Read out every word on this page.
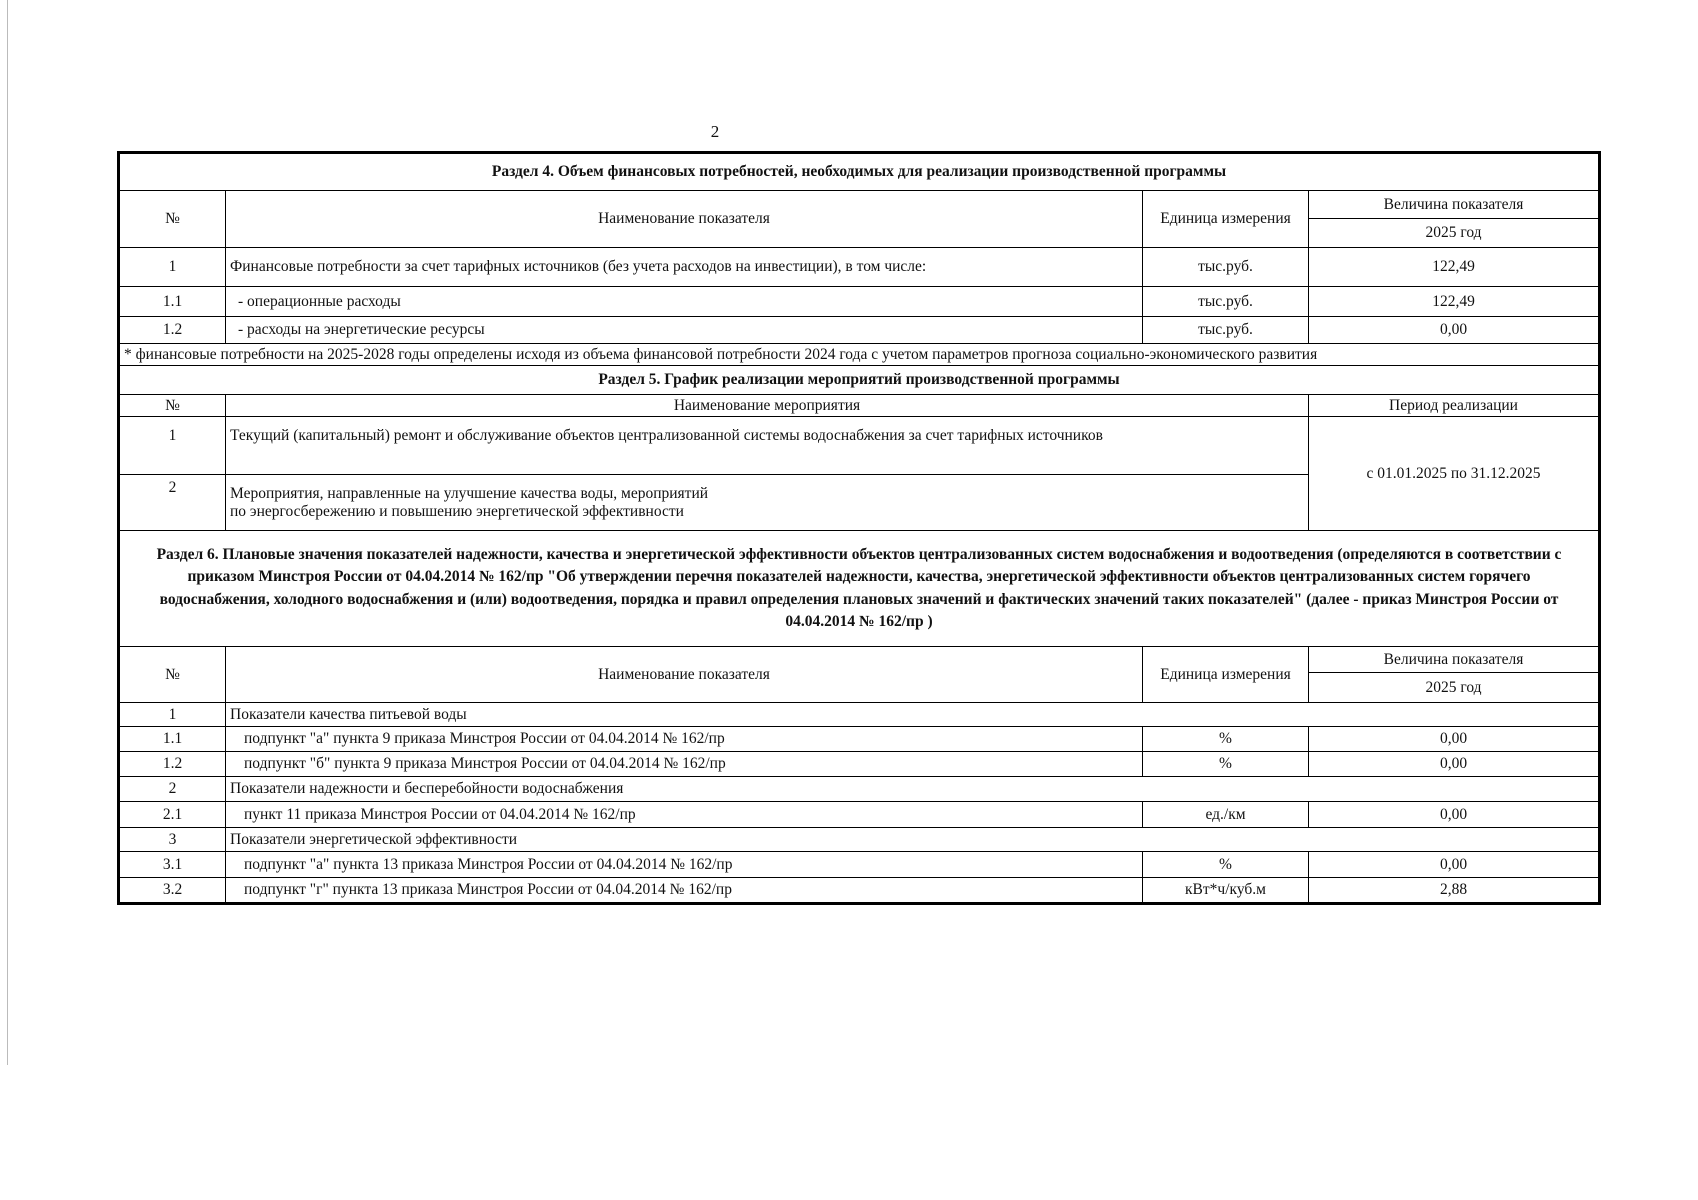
2
Раздел 4. Объем финансовых потребностей, необходимых для реализации производственной программы			
№	Наименование показателя	Единица измерения	Величина показателя
			2025 год
1	Финансовые потребности за счет тарифных источников (без учета расходов на инвестиции), в том числе:	тыс.руб.	122,49
1.1	- операционные расходы	тыс.руб.	122,49
1.2	- расходы на энергетические ресурсы	тыс.руб.	0,00
* финансовые потребности на 2025-2028 годы определены исходя из объема финансовой потребности 2024 года с учетом параметров прогноза социально-экономического развития			
Раздел 5. График реализации мероприятий производственной программы			
№	Наименование мероприятия		Период реализации
1	Текущий (капитальный) ремонт и обслуживание объектов централизованной системы водоснабжения за счет тарифных источников		с 01.01.2025 по 31.12.2025
2	Мероприятия, направленные на улучшение качества воды, мероприятий
по энергосбережению и повышению энергетической эффективности		

Раздел 6. Плановые значения показателей надежности, качества и энергетической эффективности объектов централизованных систем водоснабжения и водоотведения (определяются в соответствии с приказом Минстроя России от 04.04.2014 № 162/пр "Об утверждении перечня показателей надежности, качества, энергетической эффективности объектов централизованных систем горячего водоснабжения, холодного водоснабжения и (или) водоотведения, порядка и правил определения плановых значений и фактических значений таких показателей" (далее - приказ Минстроя России от 04.04.2014 № 162/пр )			
№	Наименование показателя	Единица измерения	Величина показателя
			2025 год
1	Показатели качества питьевой воды		
1.1	подпункт "а" пункта 9 приказа Минстроя России от 04.04.2014 № 162/пр	%	0,00
1.2	подпункт "б" пункта 9 приказа Минстроя России от 04.04.2014 № 162/пр	%	0,00
2	Показатели надежности и бесперебойности водоснабжения		
2.1	пункт 11 приказа Минстроя России от 04.04.2014 № 162/пр	ед./км	0,00
3	Показатели энергетической эффективности		
3.1	подпункт "а" пункта 13 приказа Минстроя России от 04.04.2014 № 162/пр	%	0,00
3.2	подпункт "г" пункта 13 приказа Минстроя России от 04.04.2014 № 162/пр	кВт*ч/куб.м	2,88
